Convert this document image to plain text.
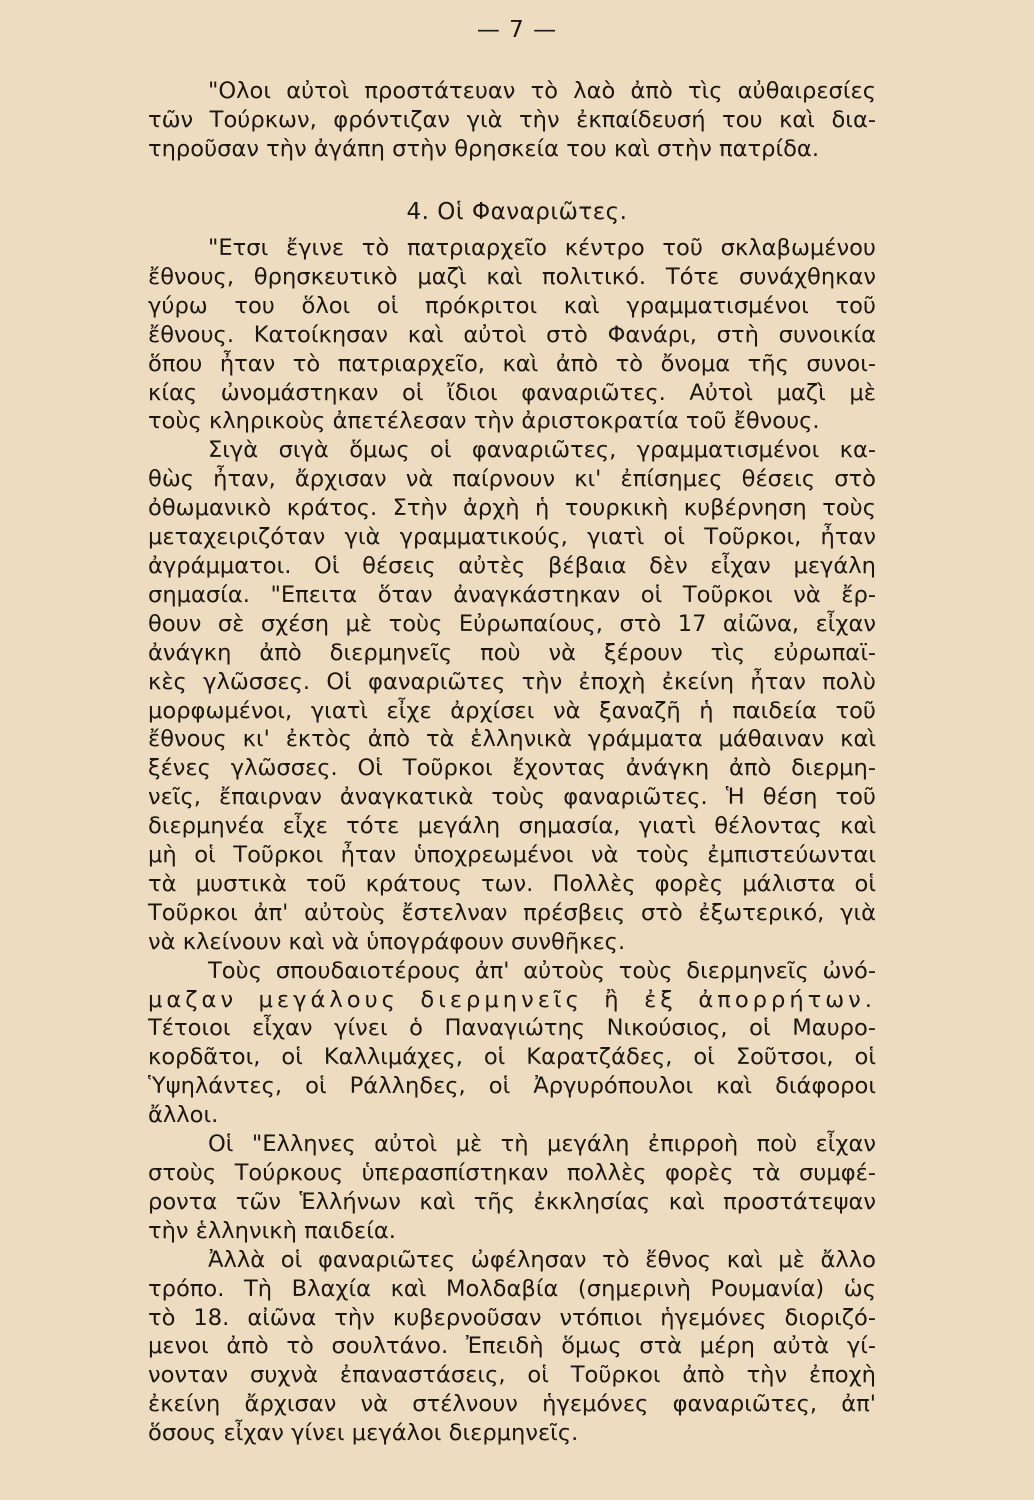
— 7 —
"Ολοι αὐτοὶ προστάτευαν τὸ λαὸ ἀπὸ τὶς αὐθαιρεσίες
τῶν Τούρκων, φρόντιζαν γιὰ τὴν ἐκπαίδευσή του καὶ δια-
τηροῦσαν τὴν ἀγάπη στὴν θρησκεία του καὶ στὴν πατρίδα.
4. Οἱ Φαναριῶτες.
"Ετσι ἔγινε τὸ πατριαρχεῖο κέντρο τοῦ σκλαβωμένου
ἔθνους, θρησκευτικὸ μαζὶ καὶ πολιτικό. Τότε συνάχθηκαν
γύρω του ὅλοι οἱ πρόκριτοι καὶ γραμματισμένοι τοῦ
ἔθνους. Κατοίκησαν καὶ αὐτοὶ στὸ Φανάρι, στὴ συνοικία
ὅπου ἦταν τὸ πατριαρχεῖο, καὶ ἀπὸ τὸ ὄνομα τῆς συνοι-
κίας ὠνομάστηκαν οἱ ἴδιοι φαναριῶτες. Αὐτοὶ μαζὶ μὲ
τοὺς κληρικοὺς ἀπετέλεσαν τὴν ἀριστοκρατία τοῦ ἔθνους.
Σιγὰ σιγὰ ὅμως οἱ φαναριῶτες, γραμματισμένοι κα-
θὼς ἦταν, ἄρχισαν νὰ παίρνουν κι' ἐπίσημες θέσεις στὸ
ὀθωμανικὸ κράτος. Στὴν ἀρχὴ ἡ τουρκικὴ κυβέρνηση τοὺς
μεταχειριζόταν γιὰ γραμματικούς, γιατὶ οἱ Τοῦρκοι, ἦταν
ἀγράμματοι. Οἱ θέσεις αὐτὲς βέβαια δὲν εἶχαν μεγάλη
σημασία. "Επειτα ὅταν ἀναγκάστηκαν οἱ Τοῦρκοι νὰ ἔρ-
θουν σὲ σχέση μὲ τοὺς Εὐρωπαίους, στὸ 17 αἰῶνα, εἶχαν
ἀνάγκη ἀπὸ διερμηνεῖς ποὺ νὰ ξέρουν τὶς εὐρωπαϊ-
κὲς γλῶσσες. Οἱ φαναριῶτες τὴν ἐποχὴ ἐκείνη ἦταν πολὺ
μορφωμένοι, γιατὶ εἶχε ἀρχίσει νὰ ξαναζῆ ἡ παιδεία τοῦ
ἔθνους κι' ἐκτὸς ἀπὸ τὰ ἑλληνικὰ γράμματα μάθαιναν καὶ
ξένες γλῶσσες. Οἱ Τοῦρκοι ἔχοντας ἀνάγκη ἀπὸ διερμη-
νεῖς, ἔπαιρναν ἀναγκατικὰ τοὺς φαναριῶτες. Ἡ θέση τοῦ
διερμηνέα εἶχε τότε μεγάλη σημασία, γιατὶ θέλοντας καὶ
μὴ οἱ Τοῦρκοι ἦταν ὑποχρεωμένοι νὰ τοὺς ἐμπιστεύωνται
τὰ μυστικὰ τοῦ κράτους των. Πολλὲς φορὲς μάλιστα οἱ
Τοῦρκοι ἀπ' αὐτοὺς ἔστελναν πρέσβεις στὸ ἐξωτερικό, γιὰ
νὰ κλείνουν καὶ νὰ ὑπογράφουν συνθῆκες.
Τοὺς σπουδαιοτέρους ἀπ' αὐτοὺς τοὺς διερμηνεῖς ὠνό-
μαζαν μεγάλους διερμηνεῖς ἢ ἐξ ἀπορρήτων.
Τέτοιοι εἶχαν γίνει ὁ Παναγιώτης Νικούσιος, οἱ Μαυρο-
κορδᾶτοι, οἱ Καλλιμάχες, οἱ Καρατζάδες, οἱ Σοῦτσοι, οἱ
Ὑψηλάντες, οἱ Ράλληδες, οἱ Ἀργυρόπουλοι καὶ διάφοροι
ἄλλοι.
Οἱ "Ελληνες αὐτοὶ μὲ τὴ μεγάλη ἐπιρροὴ ποὺ εἶχαν
στοὺς Τούρκους ὑπερασπίστηκαν πολλὲς φορὲς τὰ συμφέ-
ροντα τῶν Ἑλλήνων καὶ τῆς ἐκκλησίας καὶ προστάτεψαν
τὴν ἑλληνικὴ παιδεία.
Ἀλλὰ οἱ φαναριῶτες ὠφέλησαν τὸ ἔθνος καὶ μὲ ἄλλο
τρόπο. Τὴ Βλαχία καὶ Μολδαβία (σημερινὴ Ρουμανία) ὡς
τὸ 18. αἰῶνα τὴν κυβερνοῦσαν ντόπιοι ἡγεμόνες διοριζό-
μενοι ἀπὸ τὸ σουλτάνο. Ἐπειδὴ ὅμως στὰ μέρη αὐτὰ γί-
νονταν συχνὰ ἐπαναστάσεις, οἱ Τοῦρκοι ἀπὸ τὴν ἐποχὴ
ἐκείνη ἄρχισαν νὰ στέλνουν ἡγεμόνες φαναριῶτες, ἀπ'
ὅσους εἶχαν γίνει μεγάλοι διερμηνεῖς.
